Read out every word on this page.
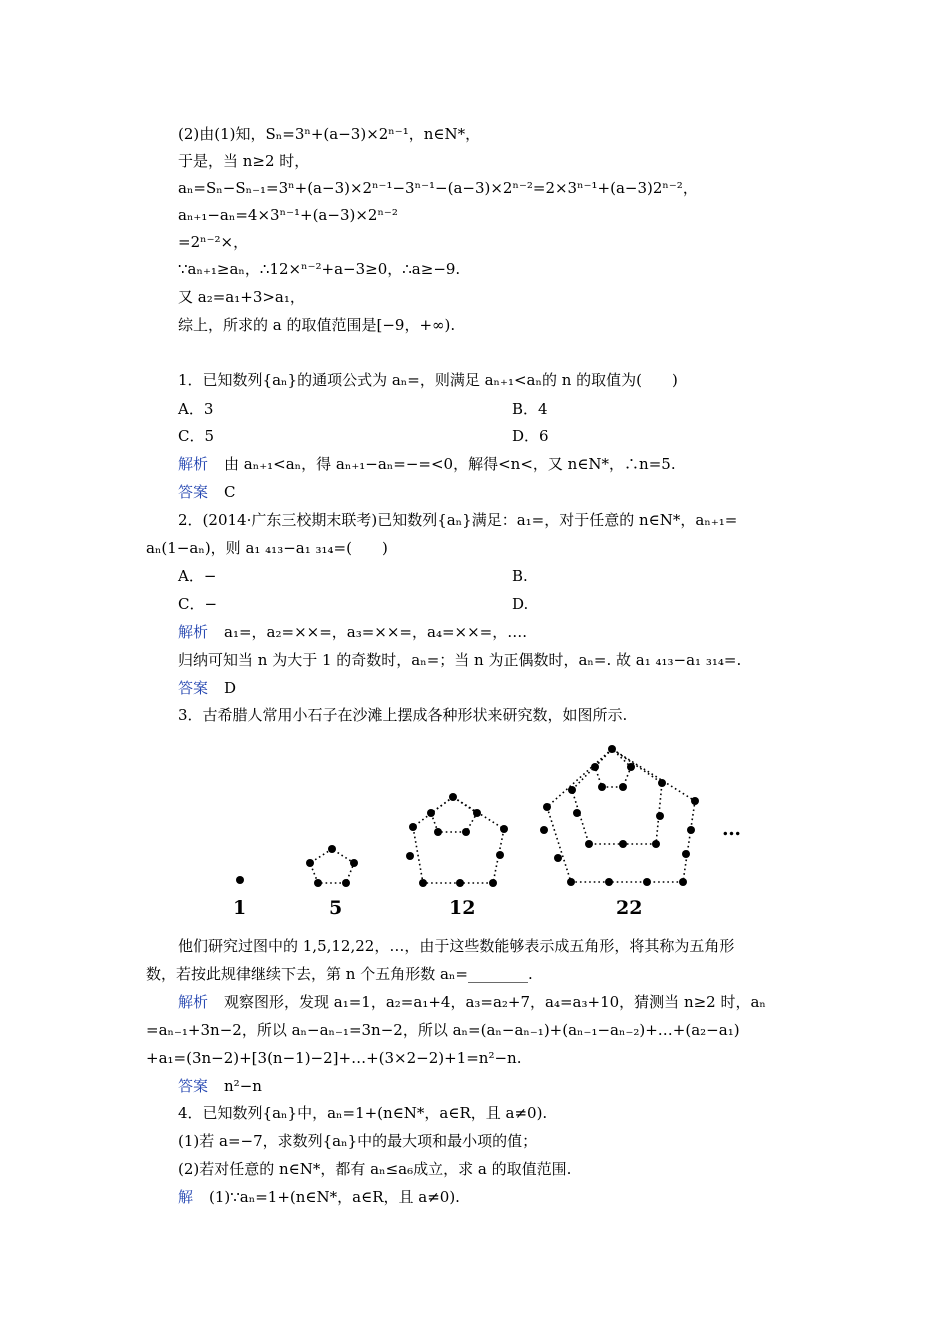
(2)由(1)知，Sₙ=3ⁿ+(a−3)×2ⁿ⁻¹，n∈N*，
于是，当 n≥2 时，
aₙ=Sₙ−Sₙ₋₁=3ⁿ+(a−3)×2ⁿ⁻¹−3ⁿ⁻¹−(a−3)×2ⁿ⁻²=2×3ⁿ⁻¹+(a−3)2ⁿ⁻²，
aₙ₊₁−aₙ=4×3ⁿ⁻¹+(a−3)×2ⁿ⁻²
=2ⁿ⁻²×，
∵aₙ₊₁≥aₙ，∴12×ⁿ⁻²+a−3≥0，∴a≥−9.
又 a₂=a₁+3>a₁，
综上，所求的 a 的取值范围是[−9，+∞).
1．已知数列{aₙ}的通项公式为 aₙ=，则满足 aₙ₊₁<aₙ的 n 的取值为(　　)
A．3	B．4
C．5	D．6
解析 由 aₙ₊₁<aₙ，得 aₙ₊₁−aₙ=−=<0，解得<n<，又 n∈N*，∴n=5.
答案 C
2．(2014·广东三校期末联考)已知数列{aₙ}满足：a₁=，对于任意的 n∈N*，aₙ₊₁=
aₙ(1−aₙ)，则 a₁ ₄₁₃−a₁ ₃₁₄=(　　)
A．−	B.
C．−	D.
解析 a₁=，a₂=××=，a₃=××=，a₄=××=，….
归纳可知当 n 为大于 1 的奇数时，aₙ=；当 n 为正偶数时，aₙ=. 故 a₁ ₄₁₃−a₁ ₃₁₄=.
答案 D
3．古希腊人常用小石子在沙滩上摆成各种形状来研究数，如图所示.
1	5	12	22
…
他们研究过图中的 1,5,12,22，…，由于这些数能够表示成五角形，将其称为五角形
数，若按此规律继续下去，第 n 个五角形数 aₙ=________.
解析 观察图形，发现 a₁=1，a₂=a₁+4，a₃=a₂+7，a₄=a₃+10，猜测当 n≥2 时，aₙ
=aₙ₋₁+3n−2，所以 aₙ−aₙ₋₁=3n−2，所以 aₙ=(aₙ−aₙ₋₁)+(aₙ₋₁−aₙ₋₂)+…+(a₂−a₁)
+a₁=(3n−2)+[3(n−1)−2]+…+(3×2−2)+1=n²−n.
答案 n²−n
4．已知数列{aₙ}中，aₙ=1+(n∈N*，a∈R，且 a≠0).
(1)若 a=−7，求数列{aₙ}中的最大项和最小项的值；
(2)若对任意的 n∈N*，都有 aₙ≤a₆成立，求 a 的取值范围.
解 (1)∵aₙ=1+(n∈N*，a∈R，且 a≠0).
